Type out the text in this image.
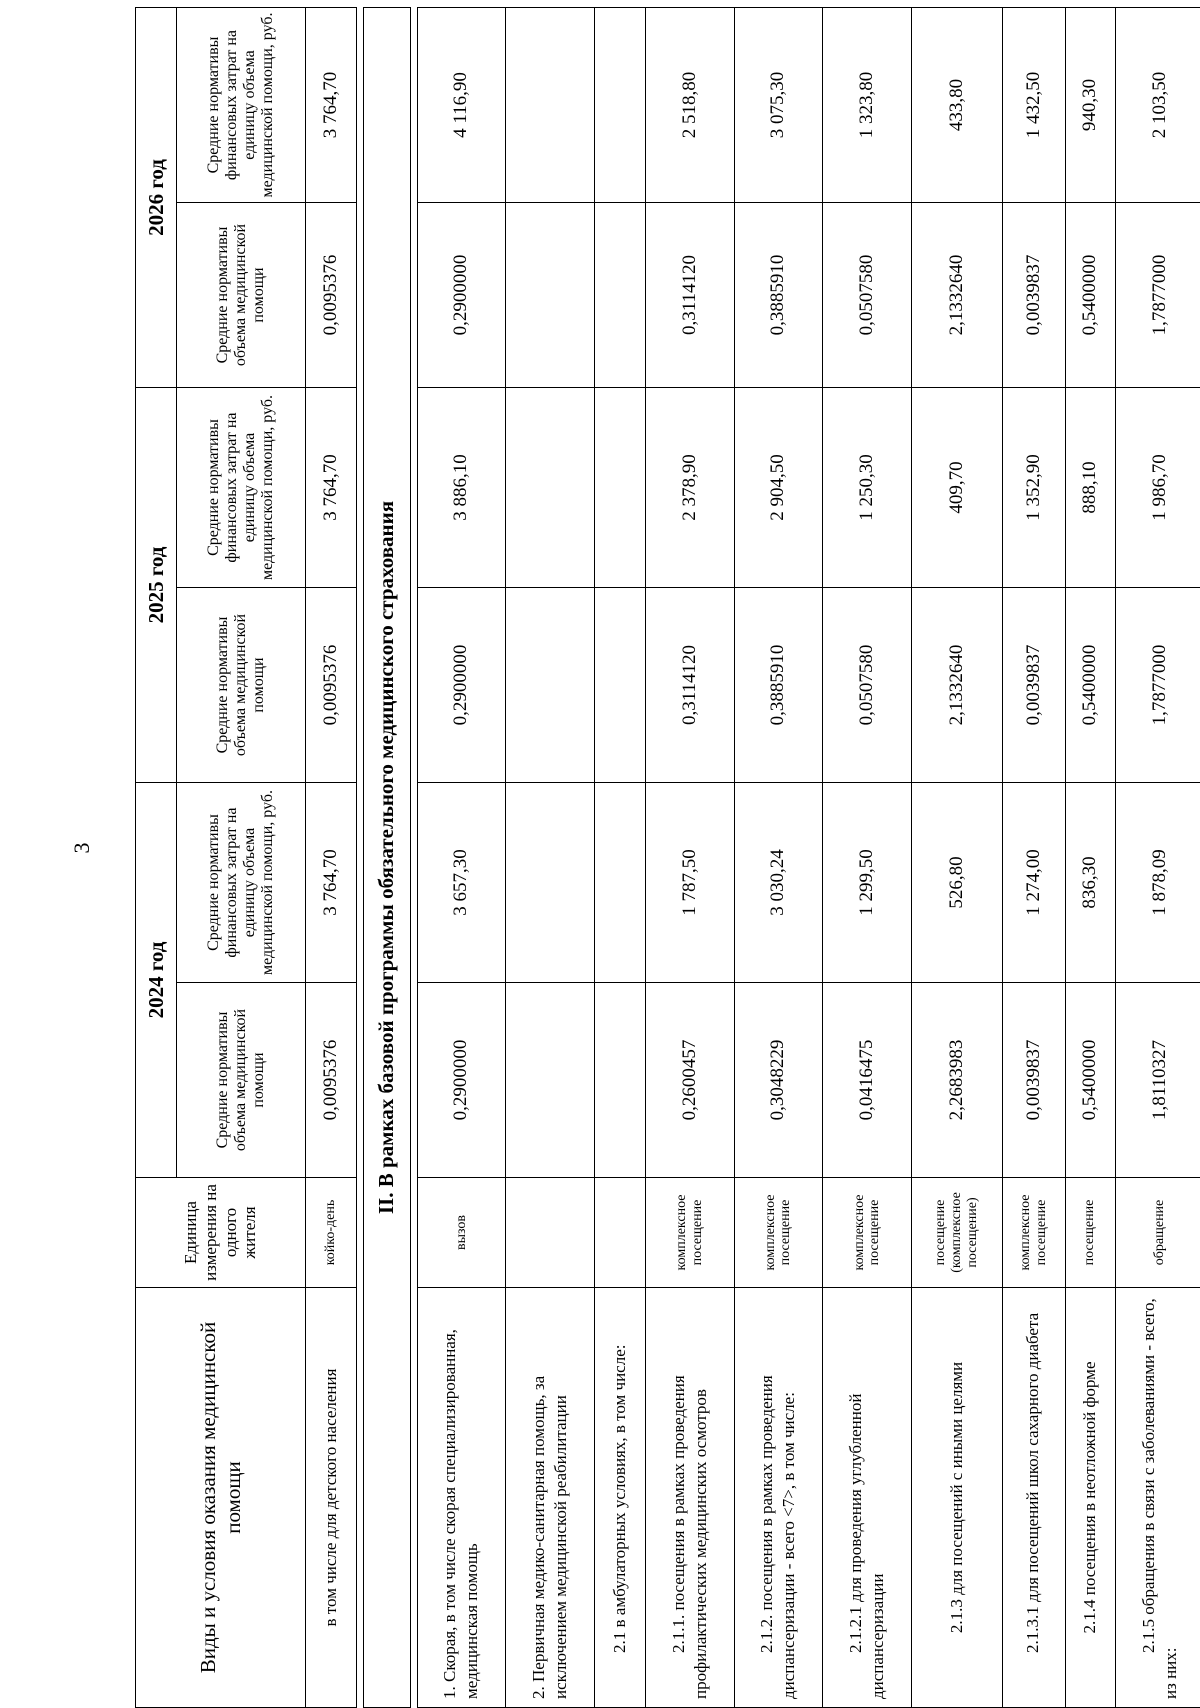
3
Виды и условия оказания медицинской помощи	Единица измерения на одного жителя	2024 год		2025 год		2026 год	
		Средние нормативы объема медицинской помощи	Средние нормативы финансовых затрат на единицу объема медицинской помощи, руб.	Средние нормативы объема медицинской помощи	Средние нормативы финансовых затрат на единицу объема медицинской помощи, руб.	Средние нормативы объема медицинской помощи	Средние нормативы финансовых затрат на единицу объема медицинской помощи, руб.
в том числе для детского населения	койко-день	0,0095376	3 764,70	0,0095376	3 764,70	0,0095376	3 764,70

II. В рамках базовой программы обязательного медицинского страхования							

1. Скорая, в том числе скорая специализированная, медицинская помощь	вызов	0,2900000	3 657,30	0,2900000	3 886,10	0,2900000	4 116,90
2. Первичная медико-санитарная помощь, за исключением медицинской реабилитации							
2.1 в амбулаторных условиях, в том числе:							
2.1.1. посещения в рамках проведения профилактических медицинских осмотров	комплексное посещение	0,2600457	1 787,50	0,3114120	2 378,90	0,3114120	2 518,80
2.1.2. посещения в рамках проведения диспансеризации - всего <7>, в том числе:	комплексное посещение	0,3048229	3 030,24	0,3885910	2 904,50	0,3885910	3 075,30
2.1.2.1 для проведения углубленной диспансеризации	комплексное посещение	0,0416475	1 299,50	0,0507580	1 250,30	0,0507580	1 323,80
2.1.3 для посещений с иными целями	посещение (комплексное посещение)	2,2683983	526,80	2,1332640	409,70	2,1332640	433,80
2.1.3.1 для посещений школ сахарного диабета	комплексное посещение	0,0039837	1 274,00	0,0039837	1 352,90	0,0039837	1 432,50
2.1.4 посещения в неотложной форме	посещение	0,5400000	836,30	0,5400000	888,10	0,5400000	940,30
2.1.5 обращения в связи с заболеваниями - всего, из них:	обращение	1,8110327	1 878,09	1,7877000	1 986,70	1,7877000	2 103,50
